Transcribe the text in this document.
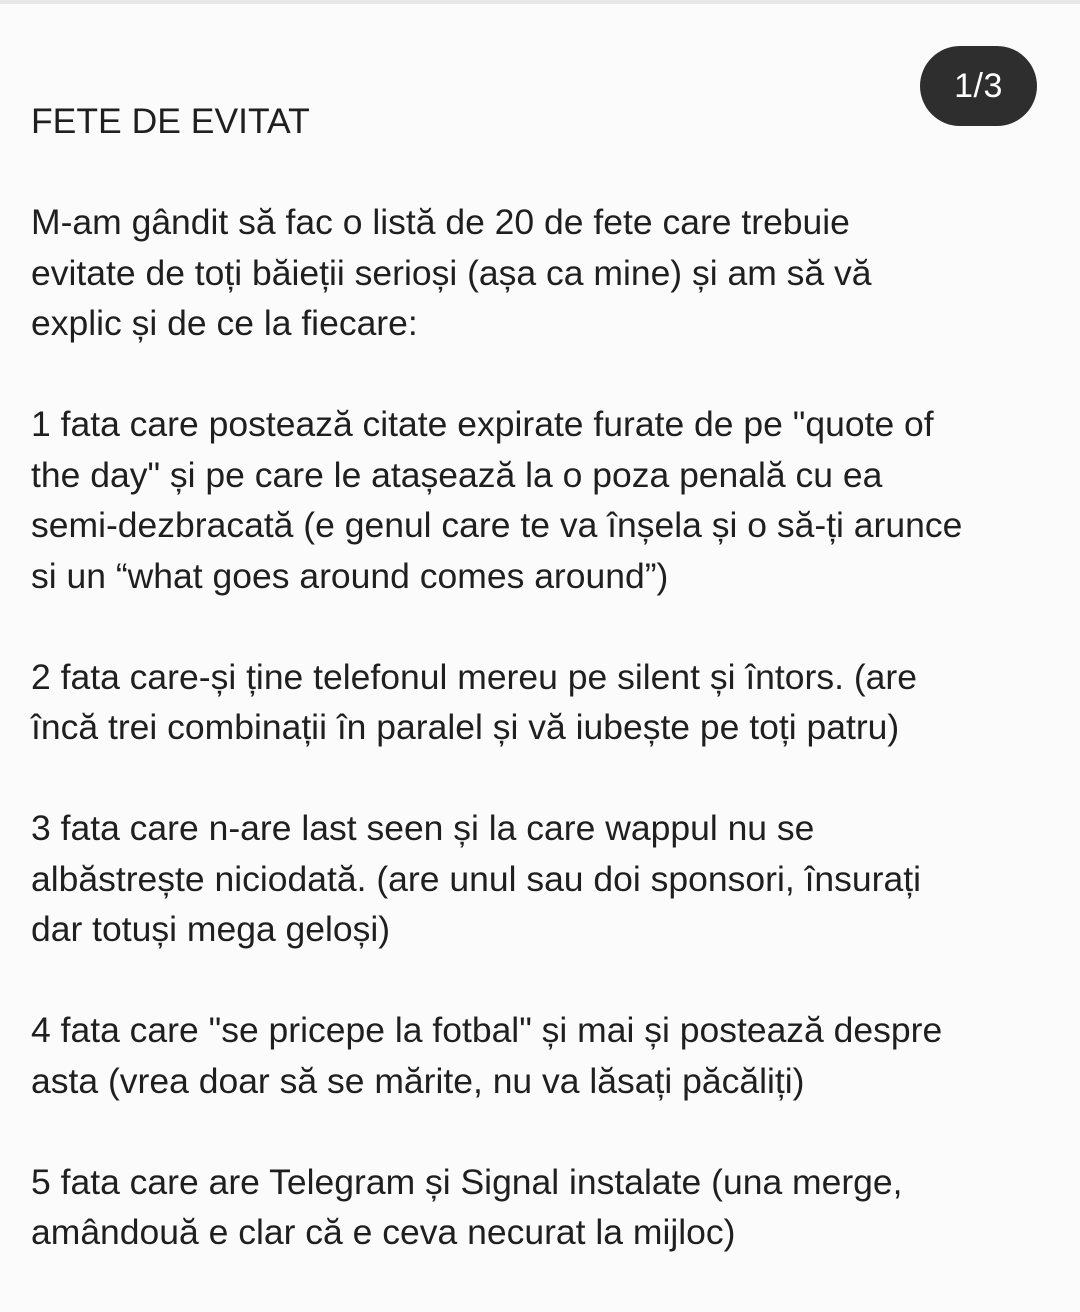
1/3
FETE DE EVITAT
M-am gândit să fac o listă de 20 de fete care trebuie
evitate de toți băieții serioși (așa ca mine) și am să vă
explic și de ce la fiecare:
1 fata care postează citate expirate furate de pe "quote of
the day" și pe care le atașează la o poza penală cu ea
semi-dezbracată (e genul care te va înșela și o să-ți arunce
si un “what goes around comes around”)
2 fata care-și ține telefonul mereu pe silent și întors. (are
încă trei combinații în paralel și vă iubește pe toți patru)
3 fata care n-are last seen și la care wappul nu se
albăstrește niciodată. (are unul sau doi sponsori, însurați
dar totuși mega geloși)
4 fata care "se pricepe la fotbal" și mai și postează despre
asta (vrea doar să se mărite, nu va lăsați păcăliți)
5 fata care are Telegram și Signal instalate (una merge,
amândouă e clar că e ceva necurat la mijloc)
